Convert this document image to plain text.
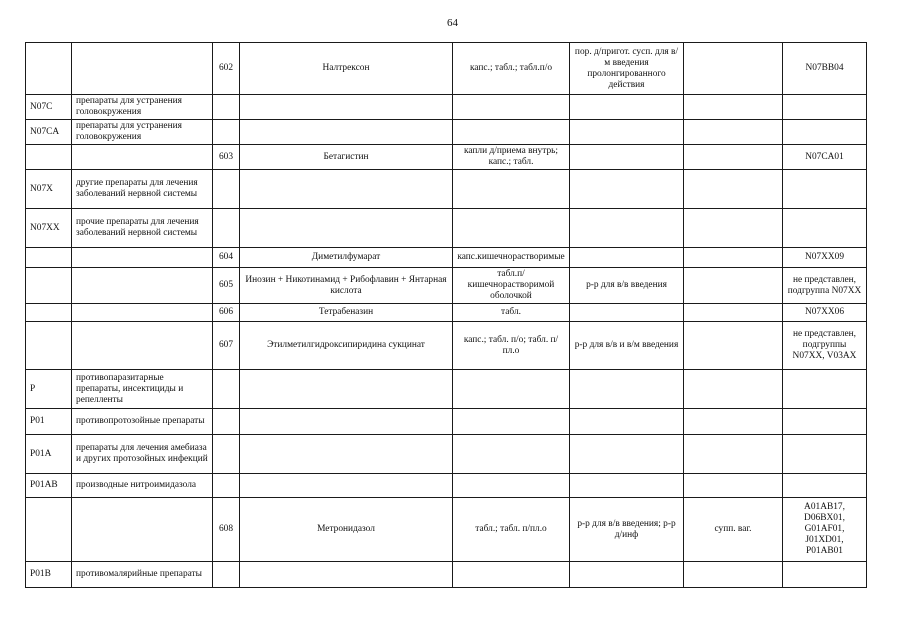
64
		602	Налтрексон	капс.; табл.; табл.п/о	пор. д/пригот. сусп. для в/м введения пролонгированного действия		N07BB04
N07C	препараты для устранения головокружения						
N07CA	препараты для устранения головокружения						
		603	Бетагистин	капли д/приема внутрь; капс.; табл.			N07CA01
N07X	другие препараты для лечения заболеваний нервной системы						
N07XX	прочие препараты для лечения заболеваний нервной системы						
		604	Диметилфумарат	капс.кишечнорастворимые			N07XX09
		605	Инозин + Никотинамид + Рибофлавин + Янтарная кислота	табл.п/кишечнорастворимой оболочкой	р-р для в/в введения		не представлен, подгруппа N07XX
		606	Тетрабеназин	табл.			N07XX06
		607	Этилметилгидроксипиридина сукцинат	капс.; табл. п/о; табл. п/пл.о	р-р для в/в и в/м введения		не представлен, подгруппы N07XX, V03AX
P	противопаразитарные препараты, инсектициды и репелленты						
P01	противопротозойные препараты						
P01A	препараты для лечения амебиаза и других протозойных инфекций						
P01AB	производные нитроимидазола						
		608	Метронидазол	табл.; табл. п/пл.о	р-р для в/в введения; р-р д/инф	супп. ваг.	A01AB17, D06BX01, G01AF01, J01XD01, P01AB01
P01B	противомалярийные препараты						
